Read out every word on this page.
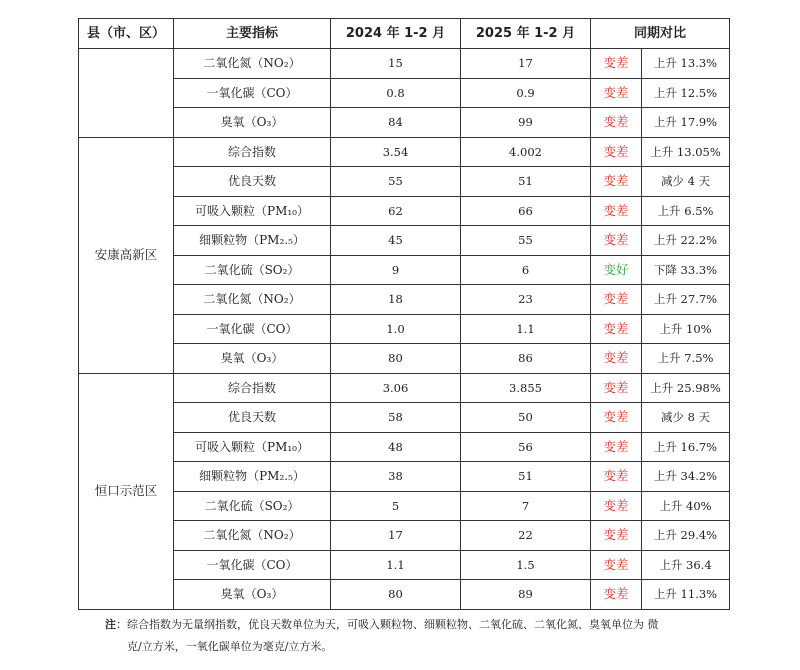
县（市、区）	主要指标	2024 年 1-2 月	2025 年 1-2 月	同期对比	
	二氧化氮（NO₂）	15	17	变差	上升 13.3%
	一氧化碳（CO）	0.8	0.9	变差	上升 12.5%
	臭氧（O₃）	84	99	变差	上升 17.9%
安康高新区	综合指数	3.54	4.002	变差	上升 13.05%
	优良天数	55	51	变差	减少 4 天
	可吸入颗粒（PM₁₀）	62	66	变差	上升 6.5%
	细颗粒物（PM₂.₅）	45	55	变差	上升 22.2%
	二氧化硫（SO₂）	9	6	变好	下降 33.3%
	二氧化氮（NO₂）	18	23	变差	上升 27.7%
	一氧化碳（CO）	1.0	1.1	变差	上升 10%
	臭氧（O₃）	80	86	变差	上升 7.5%
恒口示范区	综合指数	3.06	3.855	变差	上升 25.98%
	优良天数	58	50	变差	减少 8 天
	可吸入颗粒（PM₁₀）	48	56	变差	上升 16.7%
	细颗粒物（PM₂.₅）	38	51	变差	上升 34.2%
	二氧化硫（SO₂）	5	7	变差	上升 40%
	二氧化氮（NO₂）	17	22	变差	上升 29.4%
	一氧化碳（CO）	1.1	1.5	变差	上升 36.4
	臭氧（O₃）	80	89	变差	上升 11.3%
注：综合指数为无量纲指数，优良天数单位为天，可吸入颗粒物、细颗粒物、二氧化硫、二氧化氮、臭氧单位为 微
克/立方米，一氧化碳单位为毫克/立方米。
